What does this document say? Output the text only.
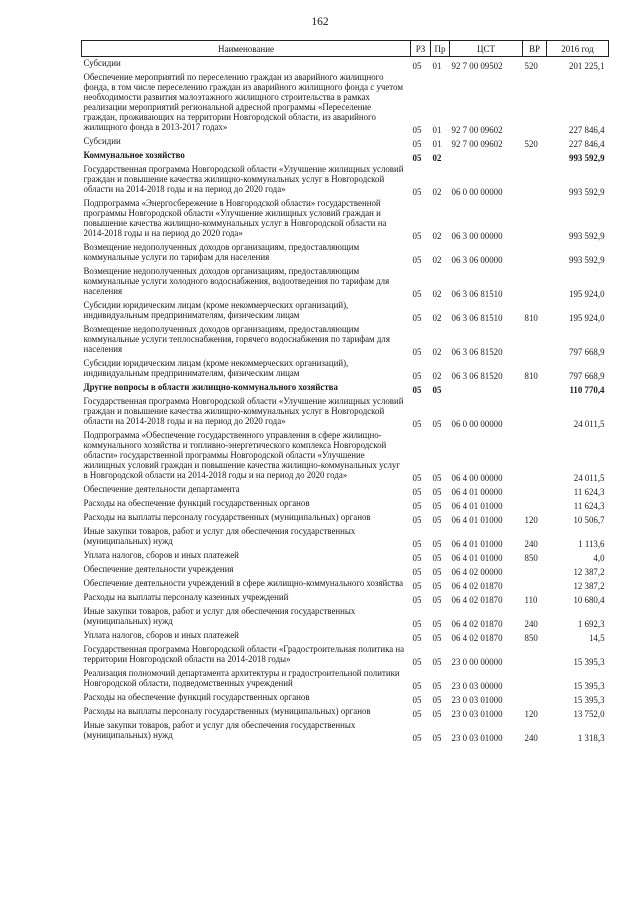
162
Наименование	РЗ	Пр	ЦСТ	ВР	2016 год
Субсидии	05	01	92 7 00 09502	520	201 225,1
Обеспечение мероприятий по переселению граждан из аварийного жилищного фонда, в том числе переселению граждан из аварийного жилищного фонда с учетом необходимости развития малоэтажного жилищного строительства в рамках реализации мероприятий региональной адресной программы «Переселение граждан, проживающих на территории Новгородской области, из аварийного жилищного фонда в 2013-2017 годах»	05	01	92 7 00 09602		227 846,4
Субсидии	05	01	92 7 00 09602	520	227 846,4
Коммунальное хозяйство	05	02			993 592,9
Государственная программа Новгородской области «Улучшение жилищных условий граждан и повышение качества жилищно-коммунальных услуг в Новгородской области на 2014-2018 годы и на период до 2020 года»	05	02	06 0 00 00000		993 592,9
Подпрограмма «Энергосбережение в Новгородской области» государственной программы Новгородской области «Улучшение жилищных условий граждан и повышение качества жилищно-коммунальных услуг в Новгородской области на 2014-2018 годы и на период до 2020 года»	05	02	06 3 00 00000		993 592,9
Возмещение недополученных доходов организациям, предоставляющим коммунальные услуги по тарифам для населения	05	02	06 3 06 00000		993 592,9
Возмещение недополученных доходов организациям, предоставляющим коммунальные услуги холодного водоснабжения, водоотведения по тарифам для населения	05	02	06 3 06 81510		195 924,0
Субсидии юридическим лицам (кроме некоммерческих организаций), индивидуальным предпринимателям, физическим лицам	05	02	06 3 06 81510	810	195 924,0
Возмещение недополученных доходов организациям, предоставляющим коммунальные услуги теплоснабжения, горячего водоснабжения по тарифам для населения	05	02	06 3 06 81520		797 668,9
Субсидии юридическим лицам (кроме некоммерческих организаций), индивидуальным предпринимателям, физическим лицам	05	02	06 3 06 81520	810	797 668,9
Другие вопросы в области жилищно-коммунального хозяйства	05	05			110 770,4
Государственная программа Новгородской области «Улучшение жилищных условий граждан и повышение качества жилищно-коммунальных услуг в Новгородской области на 2014-2018 годы и на период до 2020 года»	05	05	06 0 00 00000		24 011,5
Подпрограмма «Обеспечение государственного управления в сфере жилищно-коммунального хозяйства и топливно-энергетического комплекса Новгородской области» государственной программы Новгородской области «Улучшение жилищных условий граждан и повышение качества жилищно-коммунальных услуг в Новгородской области на 2014-2018 годы и на период до 2020 года»	05	05	06 4 00 00000		24 011,5
Обеспечение деятельности департамента	05	05	06 4 01 00000		11 624,3
Расходы на обеспечение функций государственных органов	05	05	06 4 01 01000		11 624,3
Расходы на выплаты персоналу государственных (муниципальных) органов	05	05	06 4 01 01000	120	10 506,7
Иные закупки товаров, работ и услуг для обеспечения государственных (муниципальных) нужд	05	05	06 4 01 01000	240	1 113,6
Уплата налогов, сборов и иных платежей	05	05	06 4 01 01000	850	4,0
Обеспечение деятельности учреждения	05	05	06 4 02 00000		12 387,2
Обеспечение деятельности учреждений в сфере жилищно-коммунального хозяйства	05	05	06 4 02 01870		12 387,2
Расходы на выплаты персоналу казенных учреждений	05	05	06 4 02 01870	110	10 680,4
Иные закупки товаров, работ и услуг для обеспечения государственных (муниципальных) нужд	05	05	06 4 02 01870	240	1 692,3
Уплата налогов, сборов и иных платежей	05	05	06 4 02 01870	850	14,5
Государственная программа Новгородской области «Градостроительная политика на территории Новгородской области на 2014-2018 годы»	05	05	23 0 00 00000		15 395,3
Реализация полномочий департамента архитектуры и градостроительной политики Новгородской области, подведомственных учреждений	05	05	23 0 03 00000		15 395,3
Расходы на обеспечение функций государственных органов	05	05	23 0 03 01000		15 395,3
Расходы на выплаты персоналу государственных (муниципальных) органов	05	05	23 0 03 01000	120	13 752,0
Иные закупки товаров, работ и услуг для обеспечения государственных (муниципальных) нужд	05	05	23 0 03 01000	240	1 318,3
